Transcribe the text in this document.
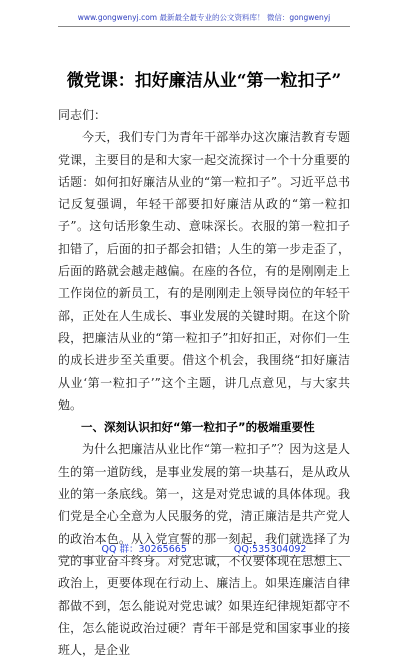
www.gongwenyj.com 最新最全最专业的公文资料库！ 微信：gongwenyj
微党课：扣好廉洁从业“第一粒扣子”

同志们：

今天，我们专门为青年干部举办这次廉洁教育专题党课，主要目的是和大家一起交流探讨一个十分重要的话题：如何扣好廉洁从业的“第一粒扣子”。习近平总书记反复强调，年轻干部要扣好廉洁从政的“第一粒扣子”。这句话形象生动、意味深长。衣服的第一粒扣子扣错了，后面的扣子都会扣错；人生的第一步走歪了，后面的路就会越走越偏。在座的各位，有的是刚刚走上工作岗位的新员工，有的是刚刚走上领导岗位的年轻干部，正处在人生成长、事业发展的关键时期。在这个阶段，把廉洁从业的“第一粒扣子”扣好扣正，对你们一生的成长进步至关重要。借这个机会，我围绕“扣好廉洁从业‘第一粒扣子’”这个主题，讲几点意见，与大家共勉。

一、深刻认识扣好“第一粒扣子”的极端重要性

为什么把廉洁从业比作“第一粒扣子”？因为这是人生的第一道防线，是事业发展的第一块基石，是从政从业的第一条底线。第一，这是对党忠诚的具体体现。我们党是全心全意为人民服务的党，清正廉洁是共产党人的政治本色。从入党宣誓的那一刻起，我们就选择了为党的事业奋斗终身。对党忠诚，不仅要体现在思想上、政治上，更要体现在行动上、廉洁上。如果连廉洁自律都做不到，怎么能说对党忠诚？如果连纪律规矩都守不住，怎么能说政治过硬？青年干部是党和国家事业的接班人，是企业

QQ 群：30265665	QQ:535304092
